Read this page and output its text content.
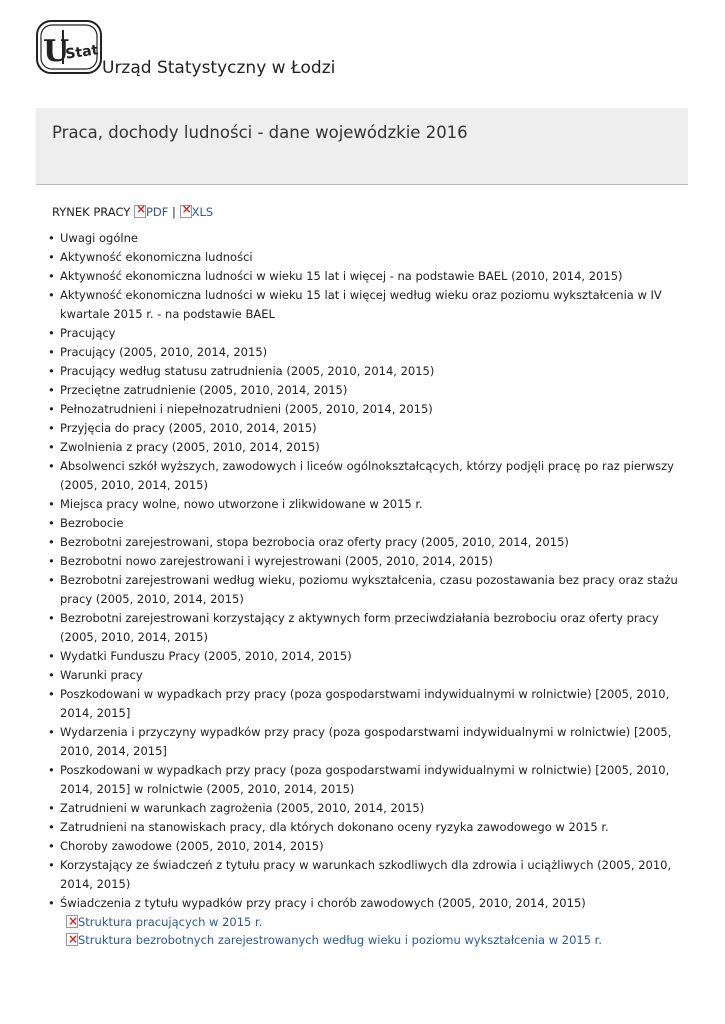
U
Stat
Urząd Statystyczny w Łodzi
Praca, dochody ludności - dane wojewódzkie 2016
RYNEK PRACY × PDF | × XLS
• Uwagi ogólne
• Aktywność ekonomiczna ludności
• Aktywność ekonomiczna ludności w wieku 15 lat i więcej - na podstawie BAEL (2010, 2014, 2015)
• Aktywność ekonomiczna ludności w wieku 15 lat i więcej według wieku oraz poziomu wykształcenia w IV kwartale 2015 r. - na podstawie BAEL
• Pracujący
• Pracujący (2005, 2010, 2014, 2015)
• Pracujący według statusu zatrudnienia (2005, 2010, 2014, 2015)
• Przeciętne zatrudnienie (2005, 2010, 2014, 2015)
• Pełnozatrudnieni i niepełnozatrudnieni (2005, 2010, 2014, 2015)
• Przyjęcia do pracy (2005, 2010, 2014, 2015)
• Zwolnienia z pracy (2005, 2010, 2014, 2015)
• Absolwenci szkół wyższych, zawodowych i liceów ogólnokształcących, którzy podjęli pracę po raz pierwszy (2005, 2010, 2014, 2015)
• Miejsca pracy wolne, nowo utworzone i zlikwidowane w 2015 r.
• Bezrobocie
• Bezrobotni zarejestrowani, stopa bezrobocia oraz oferty pracy (2005, 2010, 2014, 2015)
• Bezrobotni nowo zarejestrowani i wyrejestrowani (2005, 2010, 2014, 2015)
• Bezrobotni zarejestrowani według wieku, poziomu wykształcenia, czasu pozostawania bez pracy oraz stażu pracy (2005, 2010, 2014, 2015)
• Bezrobotni zarejestrowani korzystający z aktywnych form przeciwdziałania bezrobociu oraz oferty pracy (2005, 2010, 2014, 2015)
• Wydatki Funduszu Pracy (2005, 2010, 2014, 2015)
• Warunki pracy
• Poszkodowani w wypadkach przy pracy (poza gospodarstwami indywidualnymi w rolnictwie) [2005, 2010, 2014, 2015]
• Wydarzenia i przyczyny wypadków przy pracy (poza gospodarstwami indywidualnymi w rolnictwie) [2005, 2010, 2014, 2015]
• Poszkodowani w wypadkach przy pracy (poza gospodarstwami indywidualnymi w rolnictwie) [2005, 2010, 2014, 2015] w rolnictwie (2005, 2010, 2014, 2015)
• Zatrudnieni w warunkach zagrożenia (2005, 2010, 2014, 2015)
• Zatrudnieni na stanowiskach pracy, dla których dokonano oceny ryzyka zawodowego w 2015 r.
• Choroby zawodowe (2005, 2010, 2014, 2015)
• Korzystający ze świadczeń z tytułu pracy w warunkach szkodliwych dla zdrowia i uciążliwych (2005, 2010, 2014, 2015)
• Świadczenia z tytułu wypadków przy pracy i chorób zawodowych (2005, 2010, 2014, 2015)
×Struktura pracujących w 2015 r.
×Struktura bezrobotnych zarejestrowanych według wieku i poziomu wykształcenia w 2015 r.
